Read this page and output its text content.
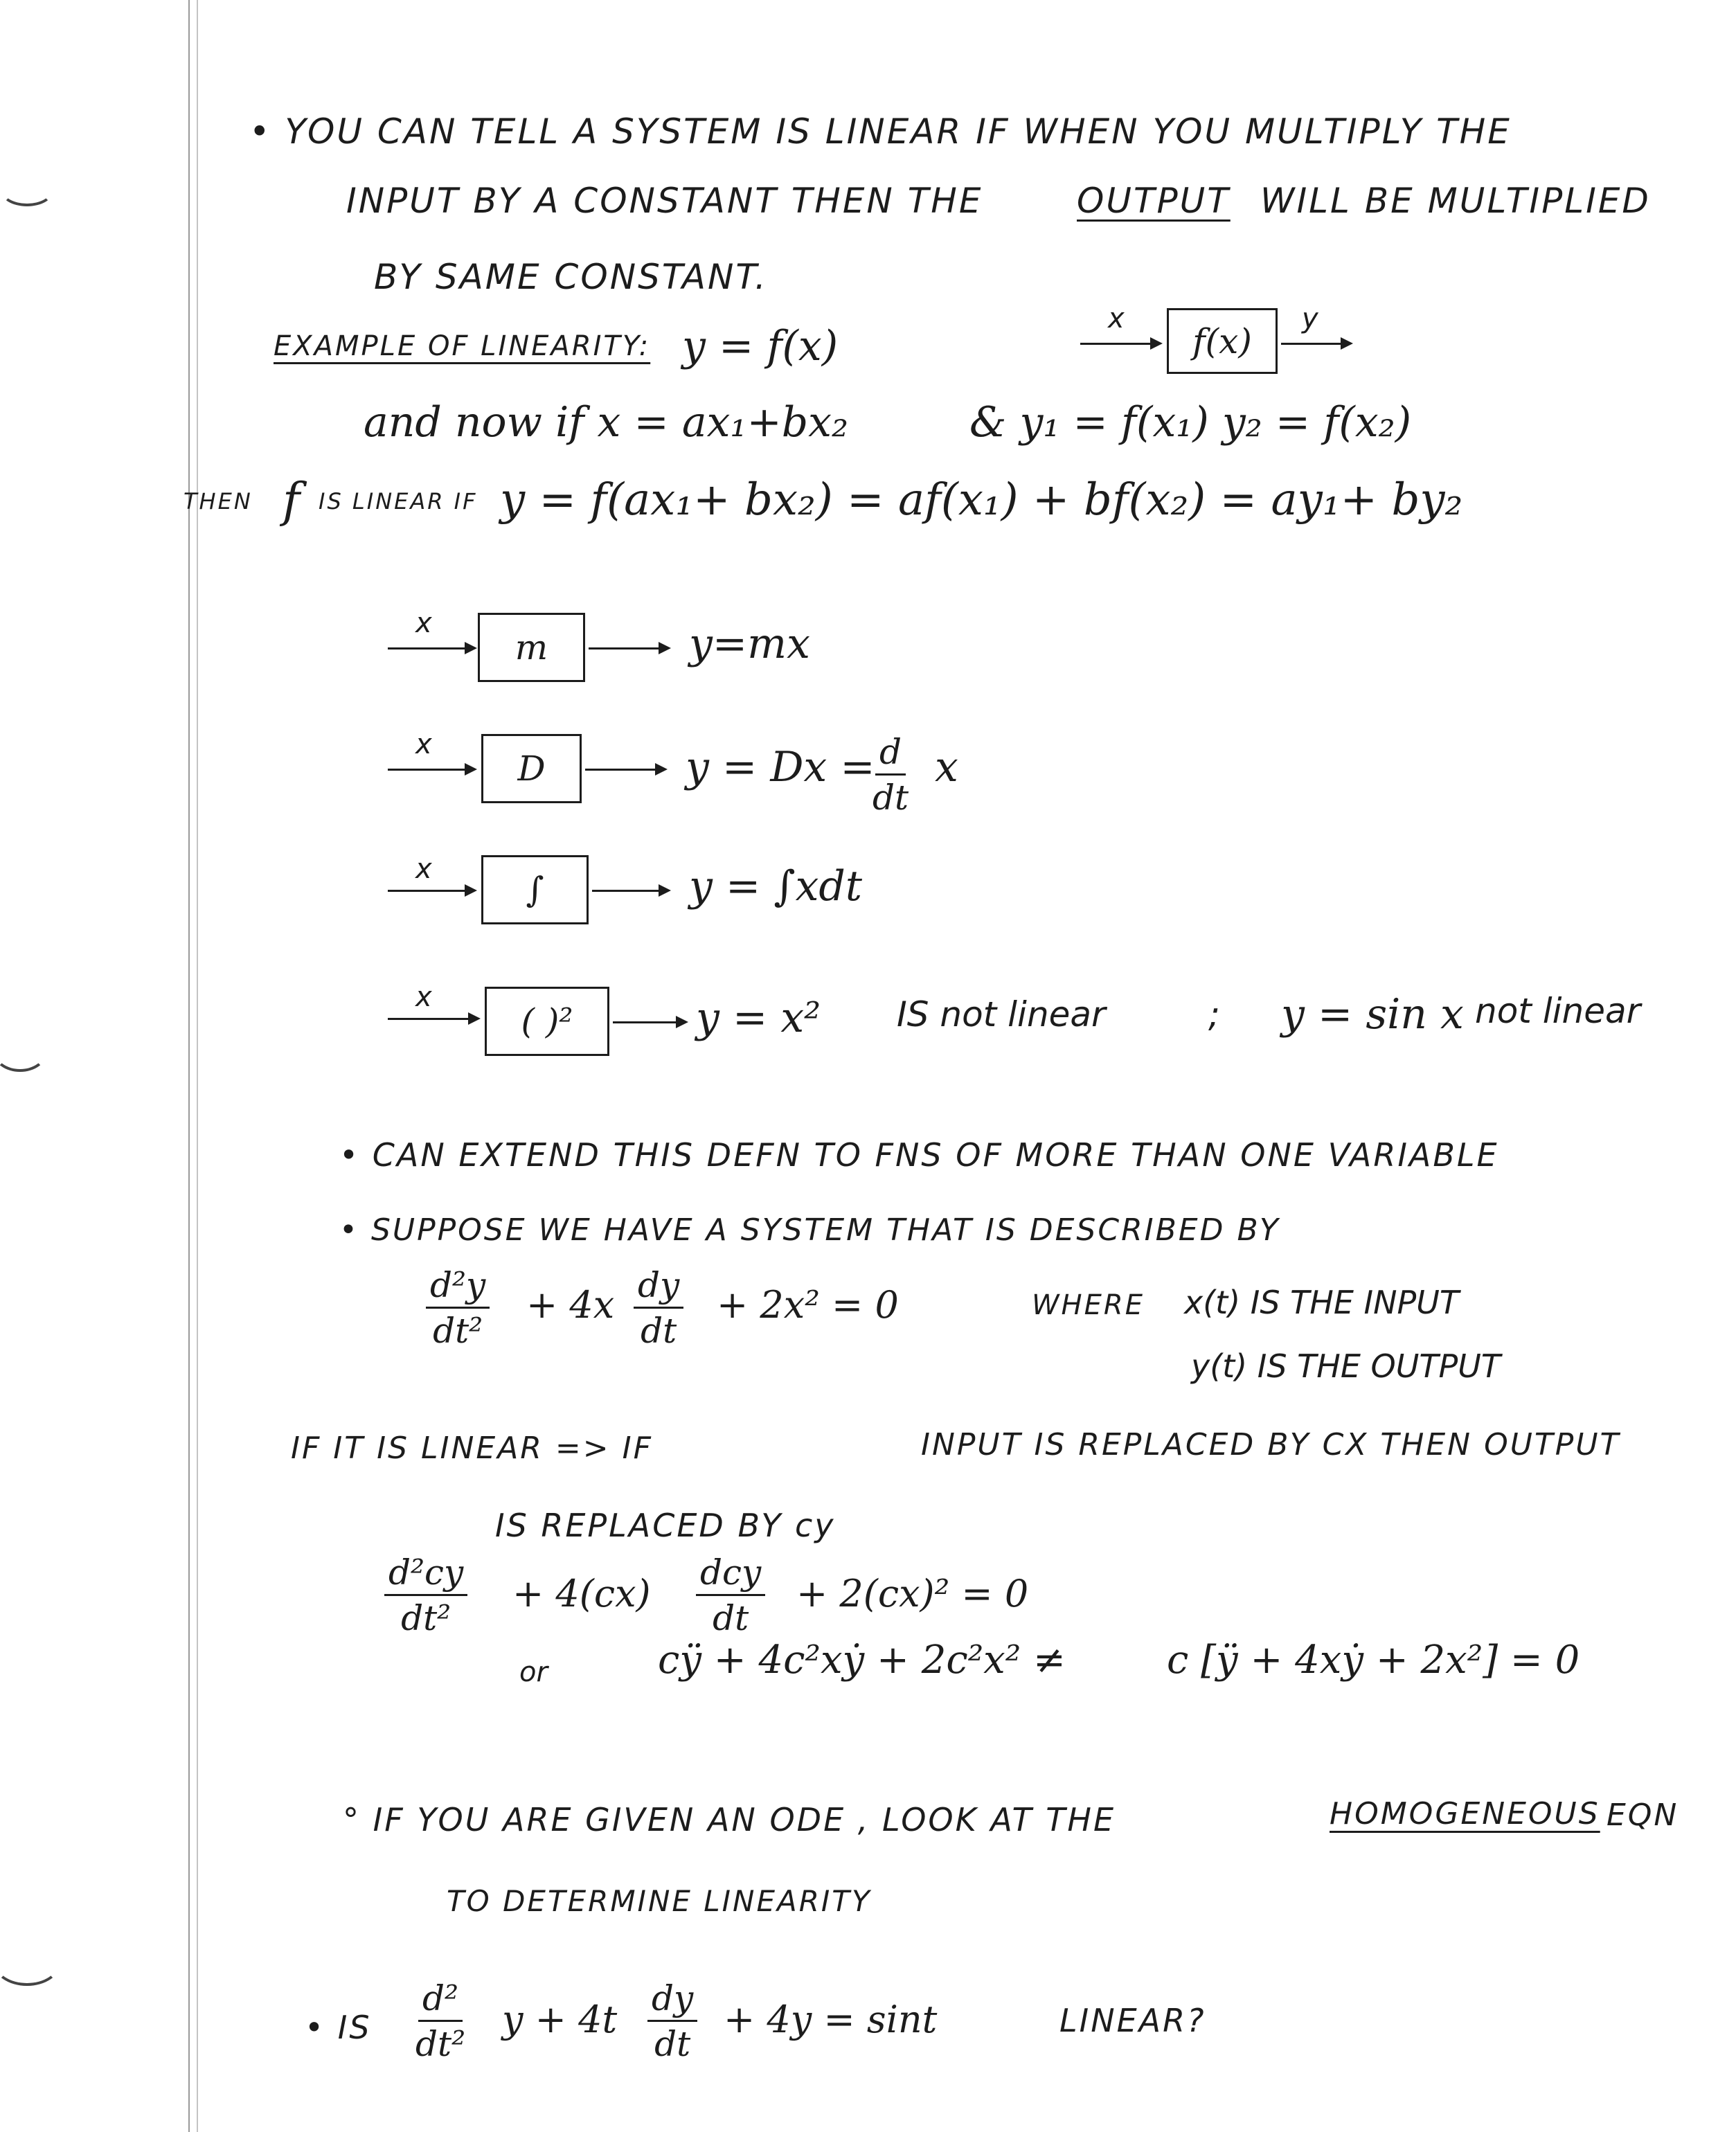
• YOU CAN TELL A SYSTEM IS LINEAR IF WHEN YOU MULTIPLY THE
INPUT BY A CONSTANT THEN THE	OUTPUT WILL BE MULTIPLIED
BY SAME CONSTANT.
EXAMPLE OF LINEARITY: y = f(x)
x
f(x)
y
and now if x = ax₁+bx₂	& y₁ = f(x₁) y₂ = f(x₂)
THEN f IS LINEAR IF y = f(ax₁+ bx₂) = af(x₁) + bf(x₂) = ay₁+ by₂
x
m	y=mx
x
D	y = Dx =
$\frac{d}{dt}$ x
x
∫	y = ∫xdt
x
( )²	y = x² IS not linear	; y = sin x not linear
• CAN EXTEND THIS DEFN TO FNS OF MORE THAN ONE VARIABLE
• SUPPOSE WE HAVE A SYSTEM THAT IS DESCRIBED BY
$\frac{\text{d²y}}{\text{dt²}} + 4x \frac{dy}{dt} + 2x^2 = 0$	WHERE x(t) IS THE INPUT
y(t) IS THE OUTPUT
IF IT IS LINEAR => IF	INPUT IS REPLACED BY CX THEN OUTPUT
IS REPLACED BY cy
$\frac{\text{d²cy}}{\text{dt²}} + 4(cx)$ dcy
dt
+ 2(cx)² = 0
or	cÿ + 4c²xẏ + 2c²x² ≠	c [ÿ + 4xẏ + 2x²] = 0
° IF YOU ARE GIVEN AN ODE , LOOK AT THE	HOMOGENEOUS EQN
TO DETERMINE LINEARITY
• IS $\frac{\text{d²}}{\text{dt²}}$ $y + 4t \frac{dy}{dt} + 4y = \sin t$	LINEAR?
